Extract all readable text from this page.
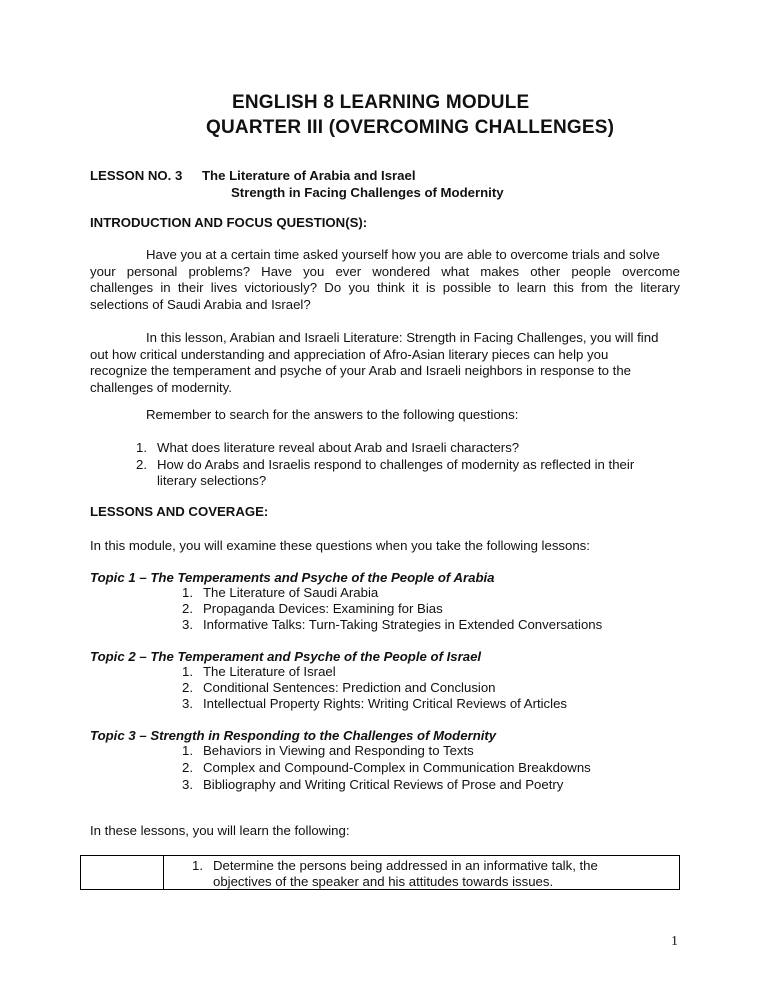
ENGLISH 8 LEARNING MODULE
QUARTER III (OVERCOMING CHALLENGES)
LESSON NO. 3 The Literature of Arabia and Israel
Strength in Facing Challenges of Modernity
INTRODUCTION AND FOCUS QUESTION(S):
Have you at a certain time asked yourself how you are able to overcome trials and solve
your personal problems? Have you ever wondered what makes other people overcome
challenges in their lives victoriously? Do you think it is possible to learn this from the literary
selections of Saudi Arabia and Israel?
In this lesson, Arabian and Israeli Literature: Strength in Facing Challenges, you will find
out how critical understanding and appreciation of Afro-Asian literary pieces can help you
recognize the temperament and psyche of your Arab and Israeli neighbors in response to the
challenges of modernity.
Remember to search for the answers to the following questions:
1. What does literature reveal about Arab and Israeli characters?
2. How do Arabs and Israelis respond to challenges of modernity as reflected in their
literary selections?
LESSONS AND COVERAGE:
In this module, you will examine these questions when you take the following lessons:
Topic 1 – The Temperaments and Psyche of the People of Arabia
1. The Literature of Saudi Arabia
2. Propaganda Devices: Examining for Bias
3. Informative Talks: Turn-Taking Strategies in Extended Conversations
Topic 2 – The Temperament and Psyche of the People of Israel
1. The Literature of Israel
2. Conditional Sentences: Prediction and Conclusion
3. Intellectual Property Rights: Writing Critical Reviews of Articles
Topic 3 – Strength in Responding to the Challenges of Modernity
1. Behaviors in Viewing and Responding to Texts
2. Complex and Compound-Complex in Communication Breakdowns
3. Bibliography and Writing Critical Reviews of Prose and Poetry
In these lessons, you will learn the following:

1. Determine the persons being addressed in an informative talk, the
objectives of the speaker and his attitudes towards issues.
1
